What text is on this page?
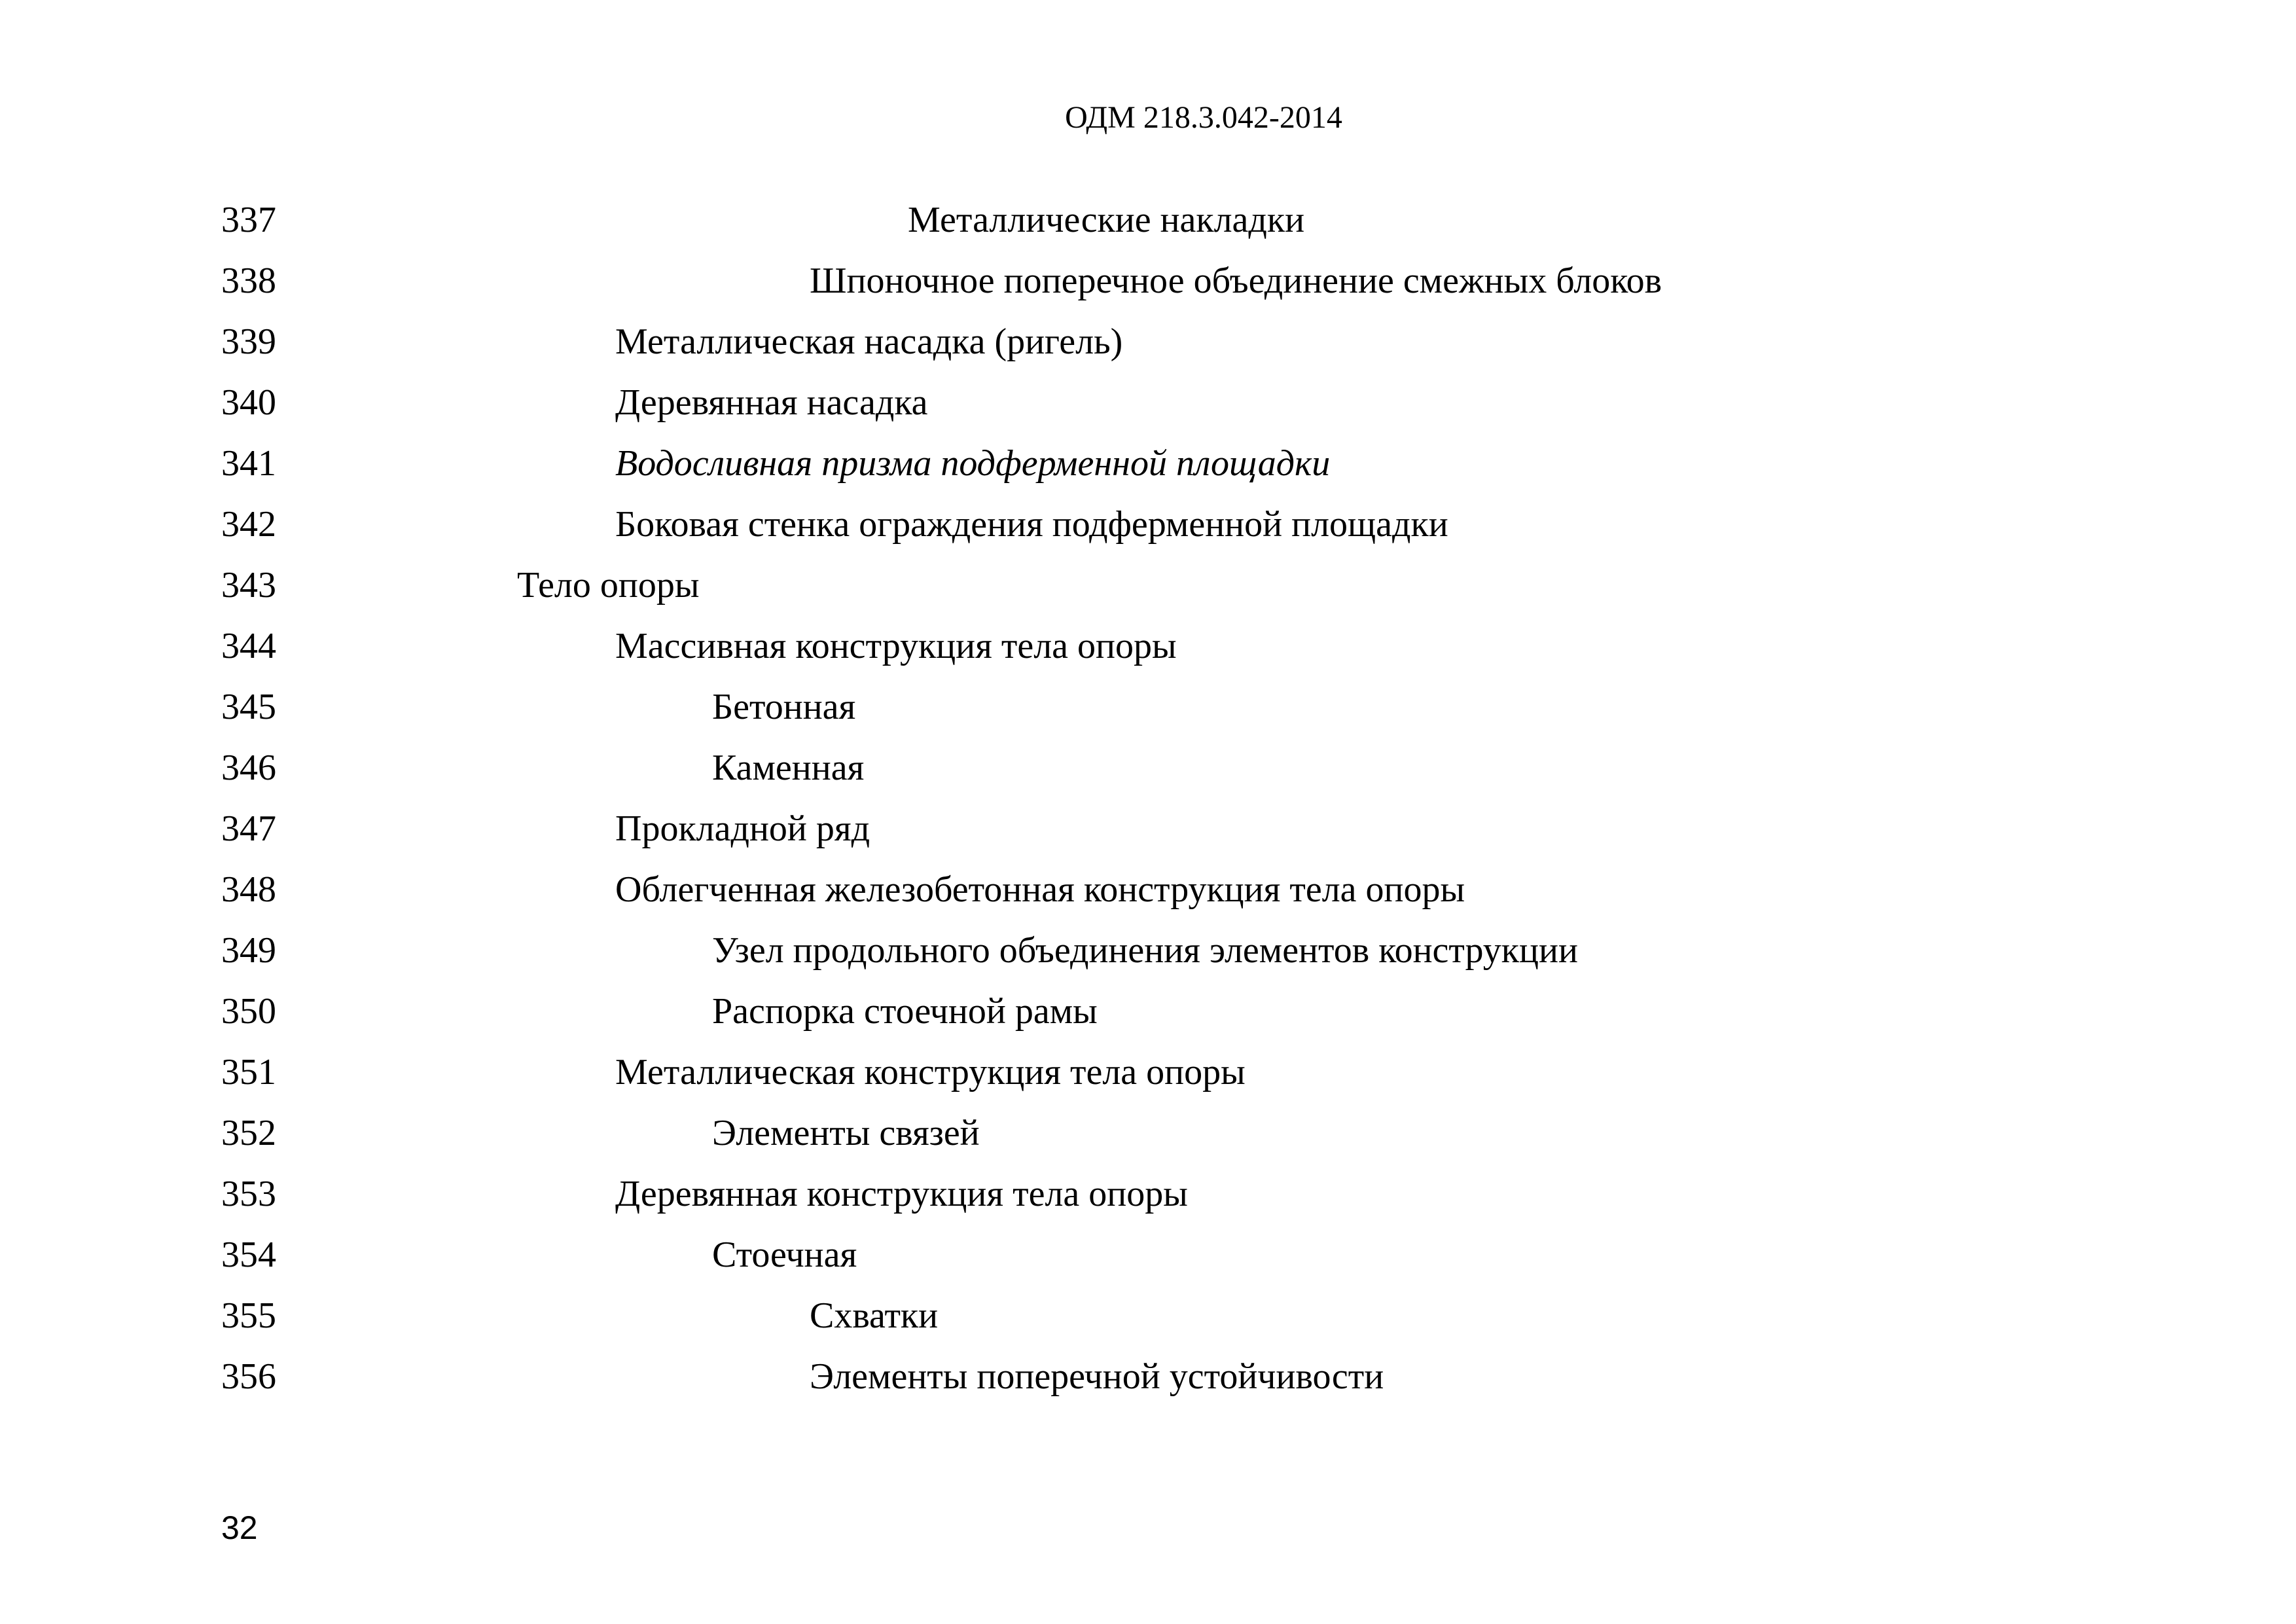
ОДМ 218.3.042-2014
337	Металлические накладки
338	Шпоночное поперечное объединение смежных блоков
339	Металлическая насадка (ригель)
340	Деревянная насадка
341	Водосливная призма подферменной площадки
342	Боковая стенка ограждения подферменной площадки
343	Тело опоры
344	Массивная конструкция тела опоры
345	Бетонная
346	Каменная
347	Прокладной ряд
348	Облегченная железобетонная конструкция тела опоры
349	Узел продольного объединения элементов конструкции
350	Распорка стоечной рамы
351	Металлическая конструкция тела опоры
352	Элементы связей
353	Деревянная конструкция тела опоры
354	Стоечная
355	Схватки
356	Элементы поперечной устойчивости
32
